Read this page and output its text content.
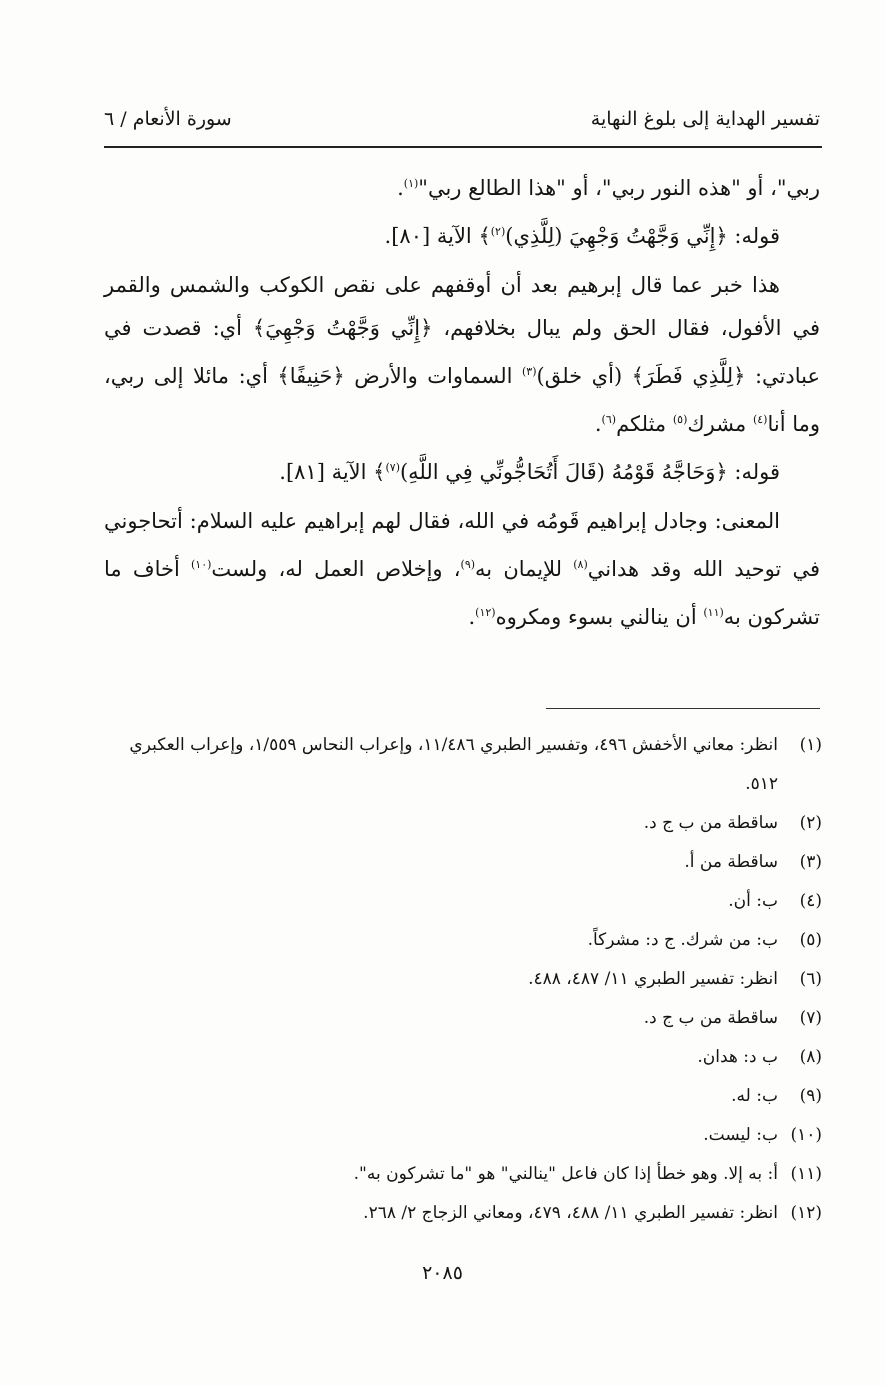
تفسير الهداية إلى بلوغ النهاية
سورة الأنعام / ٦

ربي"، أو "هذه النور ربي"، أو "هذا الطالع ربي"$^{(١)}$.

قوله: ﴿إِنِّي وَجَّهْتُ وَجْهِيَ (لِلَّذِي)$^{(٢)}$﴾ الآية [٨٠].

هذا خبر عما قال إبرهيم بعد أن أوقفهم على نقص الكوكب والشمس والقمر في الأفول، فقال الحق ولم يبال بخلافهم، ﴿إِنِّي وَجَّهْتُ وَجْهِيَ﴾ أي: قصدت في عبادتي: ﴿لِلَّذِي فَطَرَ﴾ (أي خلق)$^{(٣)}$ السماوات والأرض ﴿حَنِيفًا﴾ أي: مائلا إلى ربي، وما أنا$^{(٤)}$ مشرك$^{(٥)}$ مثلكم$^{(٦)}$.

قوله: ﴿وَحَاجَّهُ قَوْمُهُ (قَالَ أَتُحَاجُّونِّي فِي اللَّهِ)$^{(٧)}$﴾ الآية [٨١].

المعنى: وجادل إبراهيم قَومُه في الله، فقال لهم إبراهيم عليه السلام: أتحاجوني في توحيد الله وقد هداني$^{(٨)}$ للإيمان به$^{(٩)}$، وإخلاص العمل له، ولست$^{(١٠)}$ أخاف ما تشركون به$^{(١١)}$ أن ينالني بسوء ومكروه$^{(١٢)}$.

(١)
انظر: معاني الأخفش ٤٩٦، وتفسير الطبري ١١/٤٨٦، وإعراب النحاس ١/٥٥٩، وإعراب العكبري ٥١٢.
(٢)
ساقطة من ب ج د.
(٣)
ساقطة من أ.
(٤)
ب: أن.
(٥)
ب: من شرك. ج د: مشركاً.
(٦)
انظر: تفسير الطبري ١١/ ٤٨٧، ٤٨٨.
(٧)
ساقطة من ب ج د.
(٨)
ب د: هدان.
(٩)
ب: له.
(١٠)
ب: ليست.
(١١)
أ: به إلا. وهو خطأ إذا كان فاعل "ينالني" هو "ما تشركون به".
(١٢)
انظر: تفسير الطبري ١١/ ٤٨٨، ٤٧٩، ومعاني الزجاج ٢/ ٢٦٨.
٢٠٨٥
